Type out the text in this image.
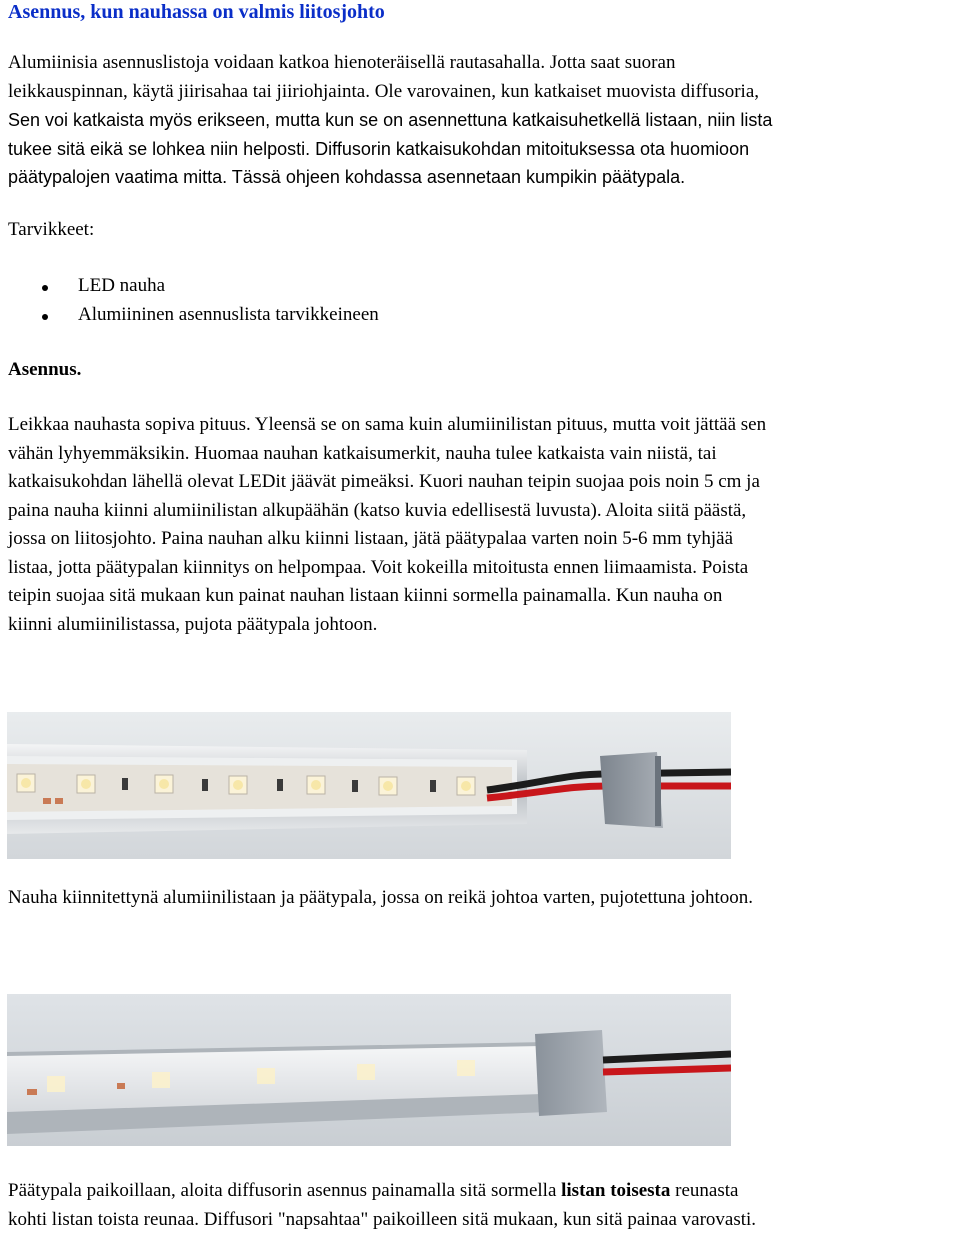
Asennus, kun nauhassa on valmis liitosjohto
Alumiinisia asennuslistoja voidaan katkoa hienoteräisellä rautasahalla. Jotta saat suoran
leikkauspinnan, käytä jiirisahaa tai jiiriohjainta. Ole varovainen, kun katkaiset muovista diffusoria,
Sen voi katkaista myös erikseen, mutta kun se on asennettuna katkaisuhetkellä listaan, niin lista
tukee sitä eikä se lohkea niin helposti. Diffusorin katkaisukohdan mitoituksessa ota huomioon
päätypalojen vaatima mitta. Tässä ohjeen kohdassa asennetaan kumpikin päätypala.
Tarvikkeet:
LED nauha
Alumiininen asennuslista tarvikkeineen
Asennus.
Leikkaa nauhasta sopiva pituus. Yleensä se on sama kuin alumiinilistan pituus, mutta voit jättää sen
vähän lyhyemmäksikin. Huomaa nauhan katkaisumerkit, nauha tulee katkaista vain niistä, tai
katkaisukohdan lähellä olevat LEDit jäävät pimeäksi. Kuori nauhan teipin suojaa pois noin 5 cm ja
paina nauha kiinni alumiinilistan alkupäähän (katso kuvia edellisestä luvusta). Aloita siitä päästä,
jossa on liitosjohto. Paina nauhan alku kiinni listaan, jätä päätypalaa varten noin 5-6 mm tyhjää
listaa, jotta päätypalan kiinnitys on helpompaa. Voit kokeilla mitoitusta ennen liimaamista. Poista
teipin suojaa sitä mukaan kun painat nauhan listaan kiinni sormella painamalla. Kun nauha on
kiinni alumiinilistassa, pujota päätypala johtoon.
Nauha kiinnitettynä alumiinilistaan ja päätypala, jossa on reikä johtoa varten, pujotettuna johtoon.
Päätypala paikoillaan, aloita diffusorin asennus painamalla sitä sormella listan toisesta reunasta
kohti listan toista reunaa. Diffusori "napsahtaa" paikoilleen sitä mukaan, kun sitä painaa varovasti.
